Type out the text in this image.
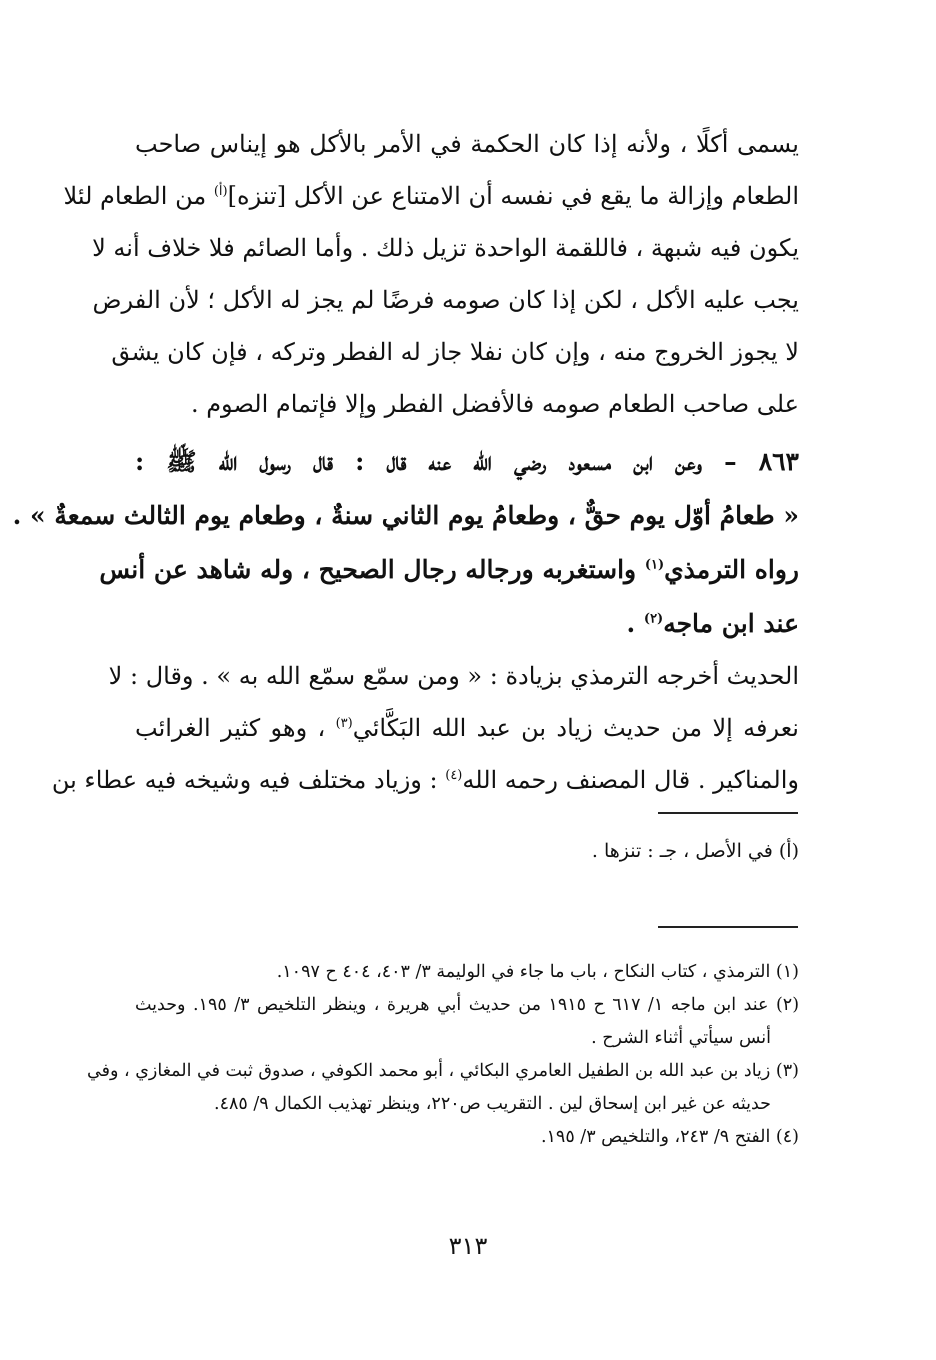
يسمى أكلًا ، ولأنه إذا كان الحكمة في الأمر بالأكل هو إيناس صاحب
الطعام وإزالة ما يقع في نفسه أن الامتناع عن الأكل [تنزه]$^{(أ)}$ من الطعام لئلا
يكون فيه شبهة ، فاللقمة الواحدة تزيل ذلك . وأما الصائم فلا خلاف أنه لا
يجب عليه الأكل ، لكن إذا كان صومه فرضًا لم يجز له الأكل ؛ لأن الفرض
لا يجوز الخروج منه ، وإن كان نفلا جاز له الفطر وتركه ، فإن كان يشق
على صاحب الطعام صومه فالأفضل الفطر وإلا فإتمام الصوم .
٨٦٣ – وعن ابن مسعود رضي الله عنه قال : قال رسول الله ﷺ :
« طعامُ أوّل يوم حقٌّ ، وطعامُ يوم الثاني سنةٌ ، وطعام يوم الثالث سمعةٌ » .
رواه الترمذي$^{(١)}$ واستغربه ورجاله رجال الصحيح ، وله شاهد عن أنس
عند ابن ماجه$^{(٢)}$ .
الحديث أخرجه الترمذي بزيادة : « ومن سمّع سمّع الله به » . وقال : لا
نعرفه إلا من حديث زياد بن عبد الله البَكَّائي$^{(٣)}$ ، وهو كثير الغرائب
والمناكير . قال المصنف رحمه الله$^{(٤)}$ : وزياد مختلف فيه وشيخه فيه عطاء بن
(أ) في الأصل ، جـ : تنزها .
(١) الترمذي ، كتاب النكاح ، باب ما جاء في الوليمة ٣/ ٤٠٣، ٤٠٤ ح ١٠٩٧.
(٢) عند ابن ماجه ١/ ٦١٧ ح ١٩١٥ من حديث أبي هريرة ، وينظر التلخيص ٣/ ١٩٥. وحديث
أنس سيأتي أثناء الشرح .
(٣) زياد بن عبد الله بن الطفيل العامري البكائي ، أبو محمد الكوفي ، صدوق ثبت في المغازي ، وفي
حديثه عن غير ابن إسحاق لين . التقريب ص٢٢٠، وينظر تهذيب الكمال ٩/ ٤٨٥.
(٤) الفتح ٩/ ٢٤٣، والتلخيص ٣/ ١٩٥.
٣١٣
